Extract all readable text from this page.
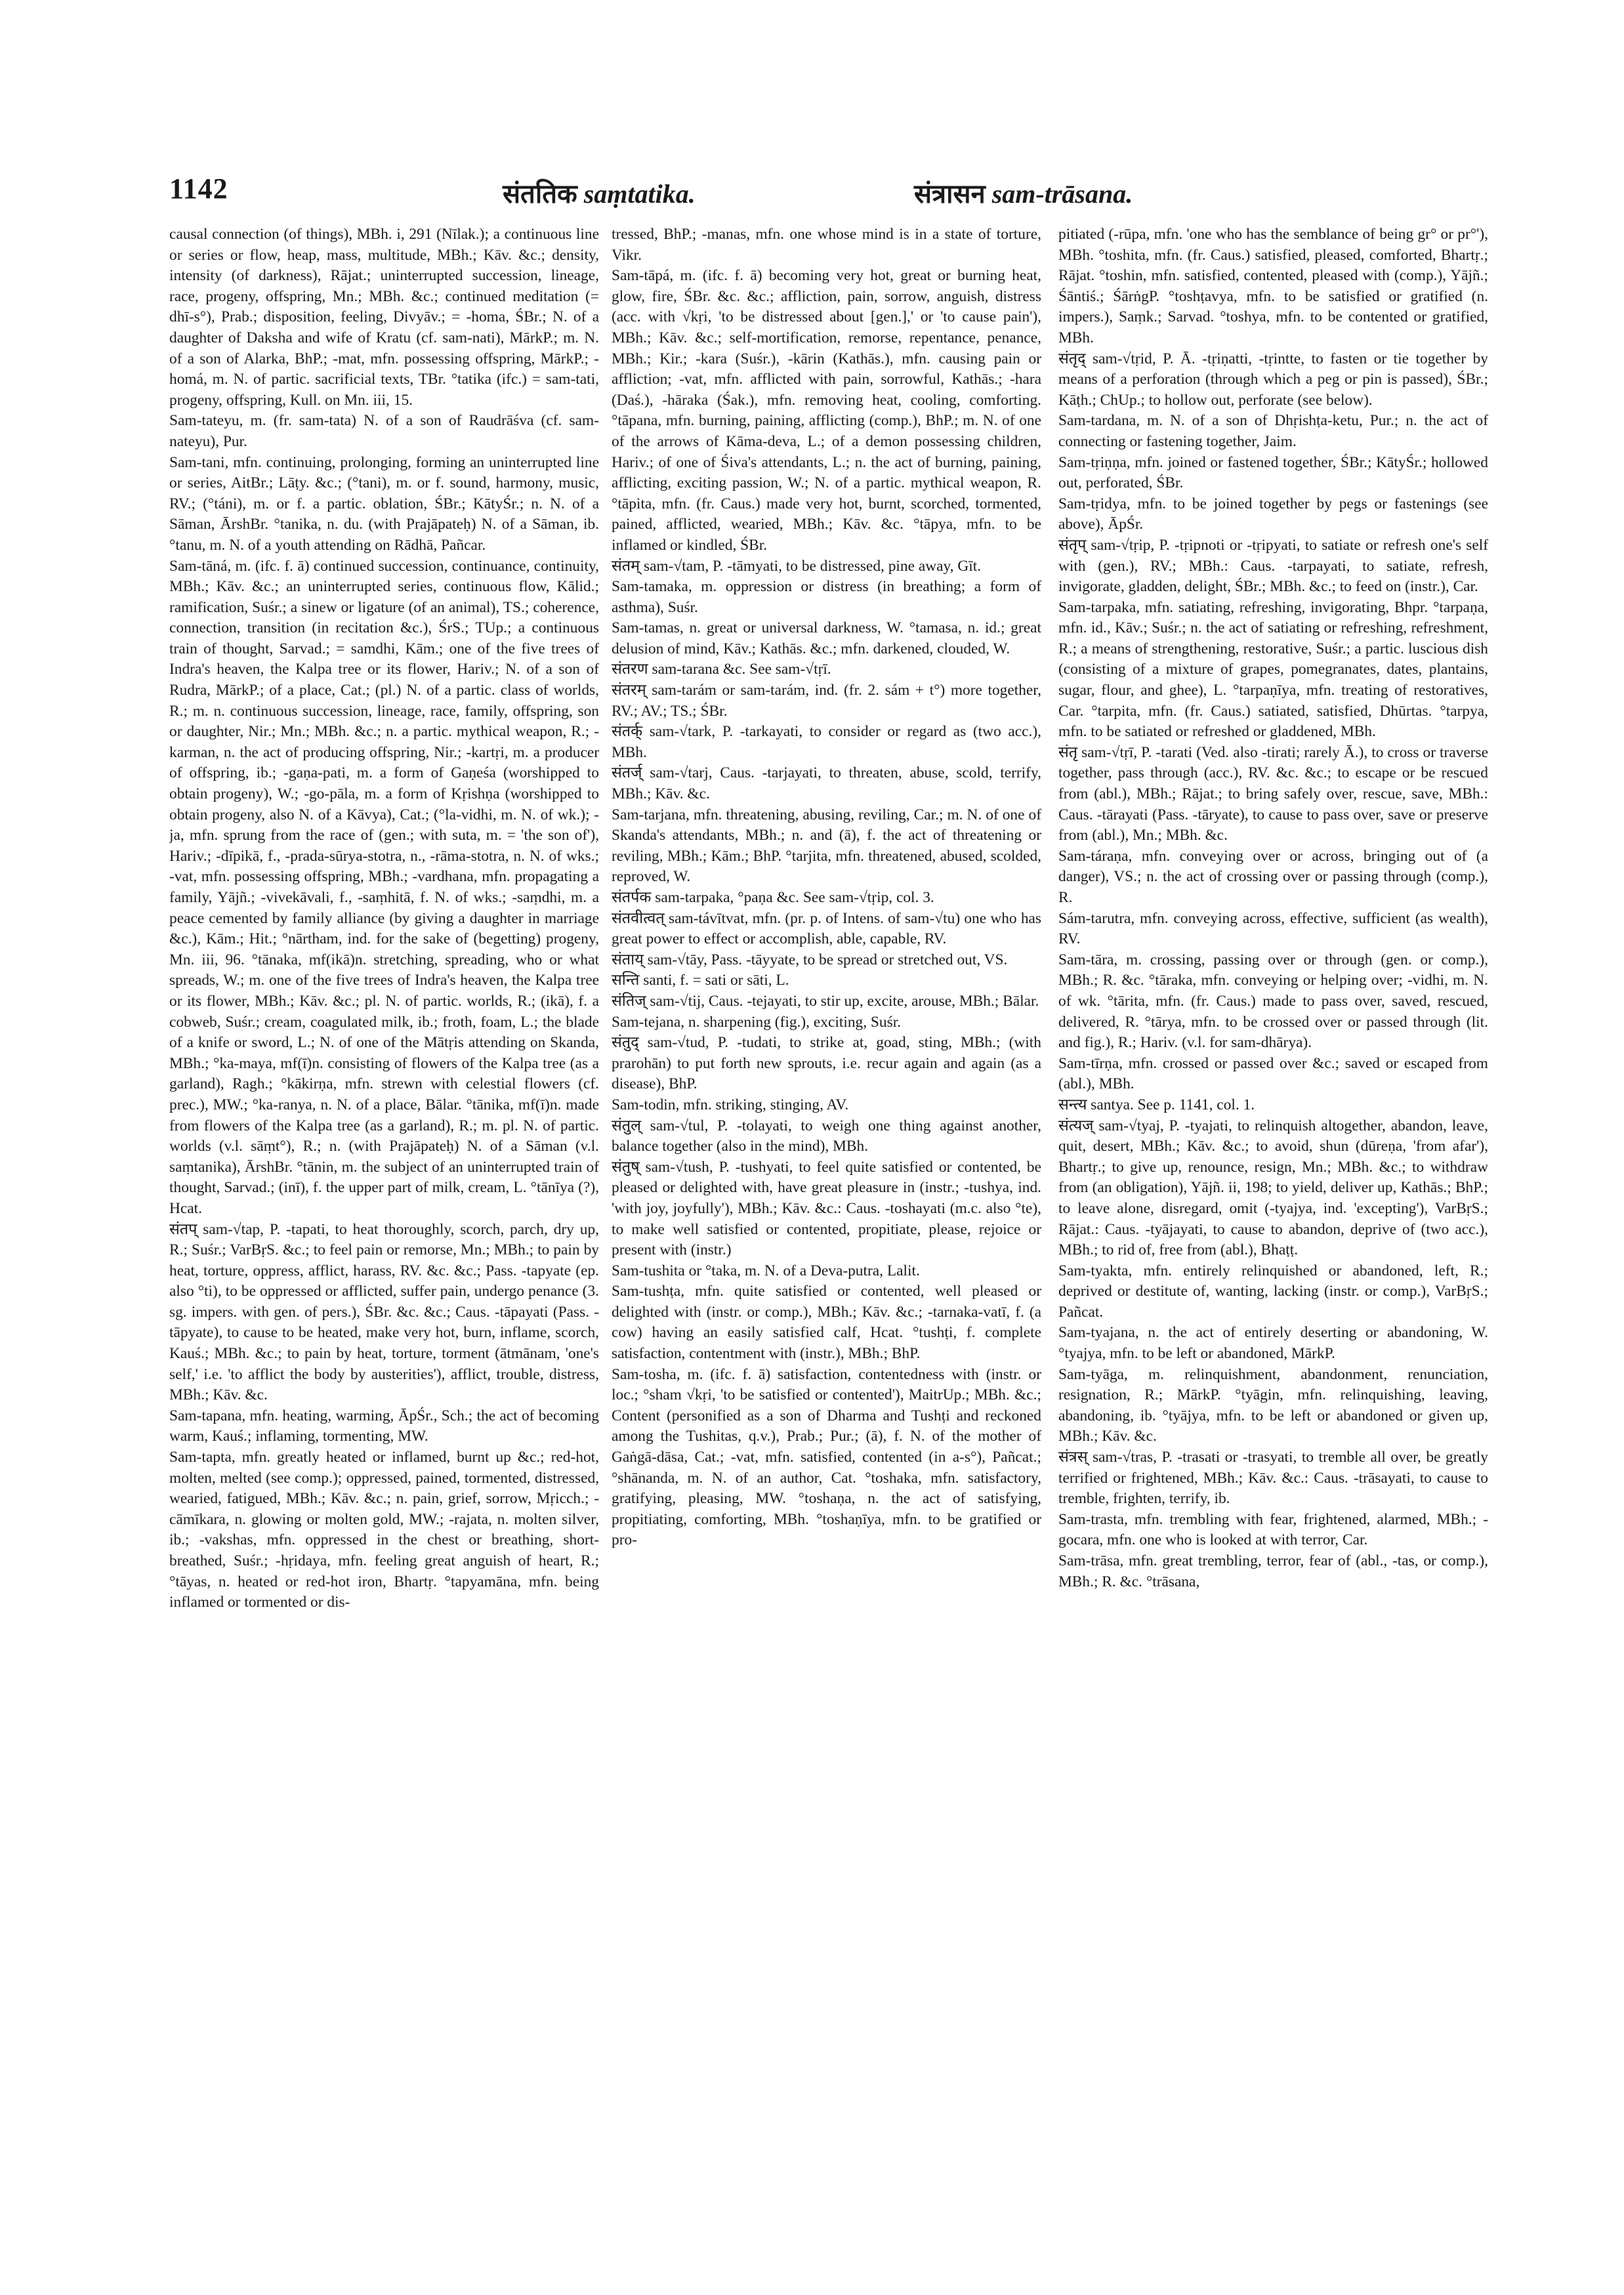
1142	संततिक saṃtatika.	संत्रासन sam-trāsana.

causal connection (of things), MBh. i, 291 (Nīlak.); a continuous line or series or flow, heap, mass, multitude, MBh.; Kāv. &c.; density, intensity (of darkness), Rājat.; uninterrupted succession, lineage, race, progeny, offspring, Mn.; MBh. &c.; continued meditation (= dhī-s°), Prab.; disposition, feeling, Divyāv.; = -homa, ŚBr.; N. of a daughter of Daksha and wife of Kratu (cf. sam-nati), MārkP.; m. N. of a son of Alarka, BhP.; -mat, mfn. possessing offspring, MārkP.; -homá, m. N. of partic. sacrificial texts, TBr. °tatika (ifc.) = sam-tati, progeny, offspring, Kull. on Mn. iii, 15.

Sam-tateyu, m. (fr. sam-tata) N. of a son of Raudrāśva (cf. sam-nateyu), Pur.

Sam-tani, mfn. continuing, prolonging, forming an uninterrupted line or series, AitBr.; Lāṭy. &c.; (°tani), m. or f. sound, harmony, music, RV.; (°táni), m. or f. a partic. oblation, ŚBr.; KātyŚr.; n. N. of a Sāman, ĀrshBr. °tanika, n. du. (with Prajāpateḥ) N. of a Sāman, ib. °tanu, m. N. of a youth attending on Rādhā, Pañcar.

Sam-tāná, m. (ifc. f. ā) continued succession, continuance, continuity, MBh.; Kāv. &c.; an uninterrupted series, continuous flow, Kālid.; ramification, Suśr.; a sinew or ligature (of an animal), TS.; coherence, connection, transition (in recitation &c.), ŚrS.; TUp.; a continuous train of thought, Sarvad.; = samdhi, Kām.; one of the five trees of Indra's heaven, the Kalpa tree or its flower, Hariv.; N. of a son of Rudra, MārkP.; of a place, Cat.; (pl.) N. of a partic. class of worlds, R.; m. n. continuous succession, lineage, race, family, offspring, son or daughter, Nir.; Mn.; MBh. &c.; n. a partic. mythical weapon, R.; -karman, n. the act of producing offspring, Nir.; -kartṛi, m. a producer of offspring, ib.; -gaṇa-pati, m. a form of Gaṇeśa (worshipped to obtain progeny), W.; -go-pāla, m. a form of Kṛishṇa (worshipped to obtain progeny, also N. of a Kāvya), Cat.; (°la-vidhi, m. N. of wk.); -ja, mfn. sprung from the race of (gen.; with suta, m. = 'the son of'), Hariv.; -dīpikā, f., -prada-sūrya-stotra, n., -rāma-stotra, n. N. of wks.; -vat, mfn. possessing offspring, MBh.; -vardhana, mfn. propagating a family, Yājñ.; -vivekāvali, f., -saṃhitā, f. N. of wks.; -saṃdhi, m. a peace cemented by family alliance (by giving a daughter in marriage &c.), Kām.; Hit.; °nārtham, ind. for the sake of (begetting) progeny, Mn. iii, 96. °tānaka, mf(ikā)n. stretching, spreading, who or what spreads, W.; m. one of the five trees of Indra's heaven, the Kalpa tree or its flower, MBh.; Kāv. &c.; pl. N. of partic. worlds, R.; (ikā), f. a cobweb, Suśr.; cream, coagulated milk, ib.; froth, foam, L.; the blade of a knife or sword, L.; N. of one of the Mātṛis attending on Skanda, MBh.; °ka-maya, mf(ī)n. consisting of flowers of the Kalpa tree (as a garland), Ragh.; °kākirṇa, mfn. strewn with celestial flowers (cf. prec.), MW.; °ka-ranya, n. N. of a place, Bālar. °tānika, mf(ī)n. made from flowers of the Kalpa tree (as a garland), R.; m. pl. N. of partic. worlds (v.l. sāṃt°), R.; n. (with Prajāpateḥ) N. of a Sāman (v.l. saṃtanika), ĀrshBr. °tānin, m. the subject of an uninterrupted train of thought, Sarvad.; (inī), f. the upper part of milk, cream, L. °tānīya (?), Hcat.

संतप् sam-√tap, P. -tapati, to heat thoroughly, scorch, parch, dry up, R.; Suśr.; VarBṛS. &c.; to feel pain or remorse, Mn.; MBh.; to pain by heat, torture, oppress, afflict, harass, RV. &c. &c.; Pass. -tapyate (ep. also °ti), to be oppressed or afflicted, suffer pain, undergo penance (3. sg. impers. with gen. of pers.), ŚBr. &c. &c.; Caus. -tāpayati (Pass. -tāpyate), to cause to be heated, make very hot, burn, inflame, scorch, Kauś.; MBh. &c.; to pain by heat, torture, torment (ātmānam, 'one's self,' i.e. 'to afflict the body by austerities'), afflict, trouble, distress, MBh.; Kāv. &c.

Sam-tapana, mfn. heating, warming, ĀpŚr., Sch.; the act of becoming warm, Kauś.; inflaming, tormenting, MW.

Sam-tapta, mfn. greatly heated or inflamed, burnt up &c.; red-hot, molten, melted (see comp.); oppressed, pained, tormented, distressed, wearied, fatigued, MBh.; Kāv. &c.; n. pain, grief, sorrow, Mṛicch.; -cāmīkara, n. glowing or molten gold, MW.; -rajata, n. molten silver, ib.; -vakshas, mfn. oppressed in the chest or breathing, short-breathed, Suśr.; -hṛidaya, mfn. feeling great anguish of heart, R.; °tāyas, n. heated or red-hot iron, Bhartṛ. °tapyamāna, mfn. being inflamed or tormented or dis-

tressed, BhP.; -manas, mfn. one whose mind is in a state of torture, Vikr.

Sam-tāpá, m. (ifc. f. ā) becoming very hot, great or burning heat, glow, fire, ŚBr. &c. &c.; affliction, pain, sorrow, anguish, distress (acc. with √kṛi, 'to be distressed about [gen.],' or 'to cause pain'), MBh.; Kāv. &c.; self-mortification, remorse, repentance, penance, MBh.; Kir.; -kara (Suśr.), -kārin (Kathās.), mfn. causing pain or affliction; -vat, mfn. afflicted with pain, sorrowful, Kathās.; -hara (Daś.), -hāraka (Śak.), mfn. removing heat, cooling, comforting. °tāpana, mfn. burning, paining, afflicting (comp.), BhP.; m. N. of one of the arrows of Kāma-deva, L.; of a demon possessing children, Hariv.; of one of Śiva's attendants, L.; n. the act of burning, paining, afflicting, exciting passion, W.; N. of a partic. mythical weapon, R. °tāpita, mfn. (fr. Caus.) made very hot, burnt, scorched, tormented, pained, afflicted, wearied, MBh.; Kāv. &c. °tāpya, mfn. to be inflamed or kindled, ŚBr.

संतम् sam-√tam, P. -tāmyati, to be distressed, pine away, Gīt.

Sam-tamaka, m. oppression or distress (in breathing; a form of asthma), Suśr.

Sam-tamas, n. great or universal darkness, W. °tamasa, n. id.; great delusion of mind, Kāv.; Kathās. &c.; mfn. darkened, clouded, W.

संतरण sam-tarana &c. See sam-√tṛī.

संतरम् sam-tarám or sam-tarám, ind. (fr. 2. sám + t°) more together, RV.; AV.; TS.; ŚBr.

संतर्क् sam-√tark, P. -tarkayati, to consider or regard as (two acc.), MBh.

संतर्ज् sam-√tarj, Caus. -tarjayati, to threaten, abuse, scold, terrify, MBh.; Kāv. &c.

Sam-tarjana, mfn. threatening, abusing, reviling, Car.; m. N. of one of Skanda's attendants, MBh.; n. and (ā), f. the act of threatening or reviling, MBh.; Kām.; BhP. °tarjita, mfn. threatened, abused, scolded, reproved, W.

संतर्पक sam-tarpaka, °paṇa &c. See sam-√tṛip, col. 3.

संतवीत्वत् sam-távītvat, mfn. (pr. p. of Intens. of sam-√tu) one who has great power to effect or accomplish, able, capable, RV.

संताय् sam-√tāy, Pass. -tāyyate, to be spread or stretched out, VS.

सन्ति santi, f. = sati or sāti, L.

संतिज् sam-√tij, Caus. -tejayati, to stir up, excite, arouse, MBh.; Bālar.

Sam-tejana, n. sharpening (fig.), exciting, Suśr.

संतुद् sam-√tud, P. -tudati, to strike at, goad, sting, MBh.; (with prarohān) to put forth new sprouts, i.e. recur again and again (as a disease), BhP.

Sam-todin, mfn. striking, stinging, AV.

संतुल् sam-√tul, P. -tolayati, to weigh one thing against another, balance together (also in the mind), MBh.

संतुष् sam-√tush, P. -tushyati, to feel quite satisfied or contented, be pleased or delighted with, have great pleasure in (instr.; -tushya, ind. 'with joy, joyfully'), MBh.; Kāv. &c.: Caus. -toshayati (m.c. also °te), to make well satisfied or contented, propitiate, please, rejoice or present with (instr.)

Sam-tushita or °taka, m. N. of a Deva-putra, Lalit.

Sam-tushṭa, mfn. quite satisfied or contented, well pleased or delighted with (instr. or comp.), MBh.; Kāv. &c.; -tarnaka-vatī, f. (a cow) having an easily satisfied calf, Hcat. °tushṭi, f. complete satisfaction, contentment with (instr.), MBh.; BhP.

Sam-tosha, m. (ifc. f. ā) satisfaction, contentedness with (instr. or loc.; °sham √kṛi, 'to be satisfied or contented'), MaitrUp.; MBh. &c.; Content (personified as a son of Dharma and Tushṭi and reckoned among the Tushitas, q.v.), Prab.; Pur.; (ā), f. N. of the mother of Gaṅgā-dāsa, Cat.; -vat, mfn. satisfied, contented (in a-s°), Pañcat.; °shānanda, m. N. of an author, Cat. °toshaka, mfn. satisfactory, gratifying, pleasing, MW. °toshaṇa, n. the act of satisfying, propitiating, comforting, MBh. °toshaṇīya, mfn. to be gratified or pro-

pitiated (-rūpa, mfn. 'one who has the semblance of being gr° or pr°'), MBh. °toshita, mfn. (fr. Caus.) satisfied, pleased, comforted, Bhartṛ.; Rājat. °toshin, mfn. satisfied, contented, pleased with (comp.), Yājñ.; Śāntiś.; ŚārṅgP. °toshṭavya, mfn. to be satisfied or gratified (n. impers.), Saṃk.; Sarvad. °toshya, mfn. to be contented or gratified, MBh.

संतृद् sam-√tṛid, P. Ā. -tṛiṇatti, -tṛintte, to fasten or tie together by means of a perforation (through which a peg or pin is passed), ŚBr.; Kāṭh.; ChUp.; to hollow out, perforate (see below).

Sam-tardana, m. N. of a son of Dhṛishṭa-ketu, Pur.; n. the act of connecting or fastening together, Jaim.

Sam-tṛiṇṇa, mfn. joined or fastened together, ŚBr.; KātyŚr.; hollowed out, perforated, ŚBr.

Sam-tṛidya, mfn. to be joined together by pegs or fastenings (see above), ĀpŚr.

संतृप् sam-√tṛip, P. -tṛipnoti or -tṛipyati, to satiate or refresh one's self with (gen.), RV.; MBh.: Caus. -tarpayati, to satiate, refresh, invigorate, gladden, delight, ŚBr.; MBh. &c.; to feed on (instr.), Car.

Sam-tarpaka, mfn. satiating, refreshing, invigorating, Bhpr. °tarpaṇa, mfn. id., Kāv.; Suśr.; n. the act of satiating or refreshing, refreshment, R.; a means of strengthening, restorative, Suśr.; a partic. luscious dish (consisting of a mixture of grapes, pomegranates, dates, plantains, sugar, flour, and ghee), L. °tarpaṇīya, mfn. treating of restoratives, Car. °tarpita, mfn. (fr. Caus.) satiated, satisfied, Dhūrtas. °tarpya, mfn. to be satiated or refreshed or gladdened, MBh.

संतृ sam-√tṛī, P. -tarati (Ved. also -tirati; rarely Ā.), to cross or traverse together, pass through (acc.), RV. &c. &c.; to escape or be rescued from (abl.), MBh.; Rājat.; to bring safely over, rescue, save, MBh.: Caus. -tārayati (Pass. -tāryate), to cause to pass over, save or preserve from (abl.), Mn.; MBh. &c.

Sam-táraṇa, mfn. conveying over or across, bringing out of (a danger), VS.; n. the act of crossing over or passing through (comp.), R.

Sám-tarutra, mfn. conveying across, effective, sufficient (as wealth), RV.

Sam-tāra, m. crossing, passing over or through (gen. or comp.), MBh.; R. &c. °tāraka, mfn. conveying or helping over; -vidhi, m. N. of wk. °tārita, mfn. (fr. Caus.) made to pass over, saved, rescued, delivered, R. °tārya, mfn. to be crossed over or passed through (lit. and fig.), R.; Hariv. (v.l. for sam-dhārya).

Sam-tīrṇa, mfn. crossed or passed over &c.; saved or escaped from (abl.), MBh.

सन्त्य santya. See p. 1141, col. 1.

संत्यज् sam-√tyaj, P. -tyajati, to relinquish altogether, abandon, leave, quit, desert, MBh.; Kāv. &c.; to avoid, shun (dūreṇa, 'from afar'), Bhartṛ.; to give up, renounce, resign, Mn.; MBh. &c.; to withdraw from (an obligation), Yājñ. ii, 198; to yield, deliver up, Kathās.; BhP.; to leave alone, disregard, omit (-tyajya, ind. 'excepting'), VarBṛS.; Rājat.: Caus. -tyājayati, to cause to abandon, deprive of (two acc.), MBh.; to rid of, free from (abl.), Bhaṭṭ.

Sam-tyakta, mfn. entirely relinquished or abandoned, left, R.; deprived or destitute of, wanting, lacking (instr. or comp.), VarBṛS.; Pañcat.

Sam-tyajana, n. the act of entirely deserting or abandoning, W. °tyajya, mfn. to be left or abandoned, MārkP.

Sam-tyāga, m. relinquishment, abandonment, renunciation, resignation, R.; MārkP. °tyāgin, mfn. relinquishing, leaving, abandoning, ib. °tyājya, mfn. to be left or abandoned or given up, MBh.; Kāv. &c.

संत्रस् sam-√tras, P. -trasati or -trasyati, to tremble all over, be greatly terrified or frightened, MBh.; Kāv. &c.: Caus. -trāsayati, to cause to tremble, frighten, terrify, ib.

Sam-trasta, mfn. trembling with fear, frightened, alarmed, MBh.; -gocara, mfn. one who is looked at with terror, Car.

Sam-trāsa, mfn. great trembling, terror, fear of (abl., -tas, or comp.), MBh.; R. &c. °trāsana,
